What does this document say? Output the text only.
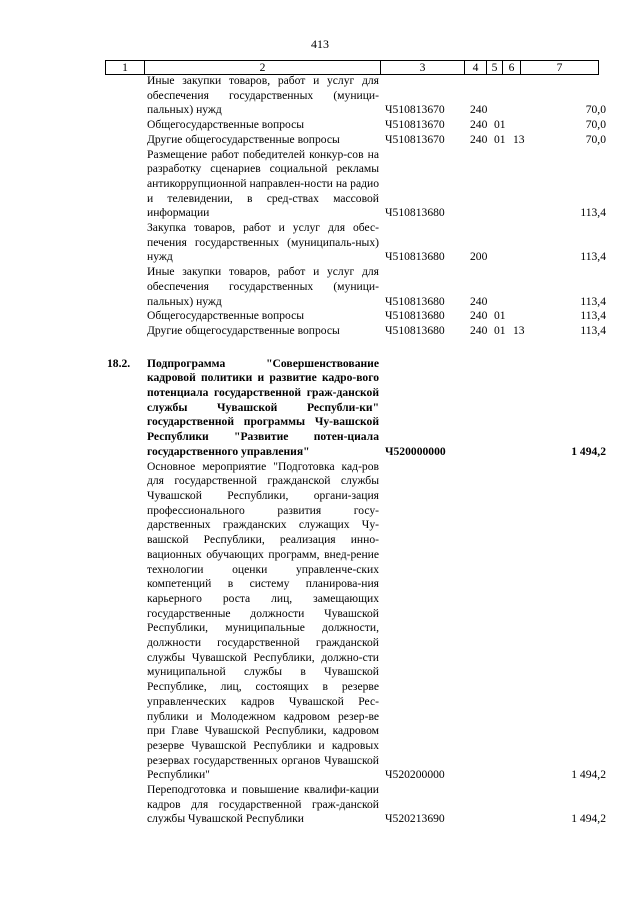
413
1	2	3	4	5	6	7
Иные закупки товаров, работ и услуг для обеспечения государственных (муници-пальных) нужд	Ч510813670 240	70,0
Общегосударственные вопросы	Ч510813670 240 01	70,0
Другие общегосударственные вопросы	Ч510813670 240 01 13	70,0
Размещение работ победителей конкур-сов на разработку сценариев социальной рекламы антикоррупционной направлен-ности на радио и телевидении, в сред-ствах массовой информации	Ч510813680	113,4
Закупка товаров, работ и услуг для обес-печения государственных (муниципаль-ных) нужд	Ч510813680 200	113,4
Иные закупки товаров, работ и услуг для обеспечения государственных (муници-пальных) нужд	Ч510813680 240	113,4
Общегосударственные вопросы	Ч510813680 240 01	113,4
Другие общегосударственные вопросы	Ч510813680 240 01 13	113,4
18.2. Подпрограмма "Совершенствование кадровой политики и развитие кадро-вого потенциала государственной граж-данской службы Чувашской Республи-ки" государственной программы Чу-вашской Республики "Развитие потен-циала государственного управления"	Ч520000000	1 494,2
Основное мероприятие "Подготовка кад-ров для государственной гражданской службы Чувашской Республики, органи-зация профессионального развития госу-дарственных гражданских служащих Чу-вашской Республики, реализация инно-вационных обучающих программ, внед-рение технологии оценки управленче-ских компетенций в систему планирова-ния карьерного роста лиц, замещающих государственные должности Чувашской Республики, муниципальные должности, должности государственной гражданской службы Чувашской Республики, должно-сти муниципальной службы в Чувашской Республике, лиц, состоящих в резерве управленческих кадров Чувашской Рес-публики и Молодежном кадровом резер-ве при Главе Чувашской Республики, кадровом резерве Чувашской Республики и кадровых резервах государственных органов Чувашской Республики"	Ч520200000	1 494,2
Переподготовка и повышение квалифи-кации кадров для государственной граж-данской службы Чувашской Республики	Ч520213690	1 494,2
